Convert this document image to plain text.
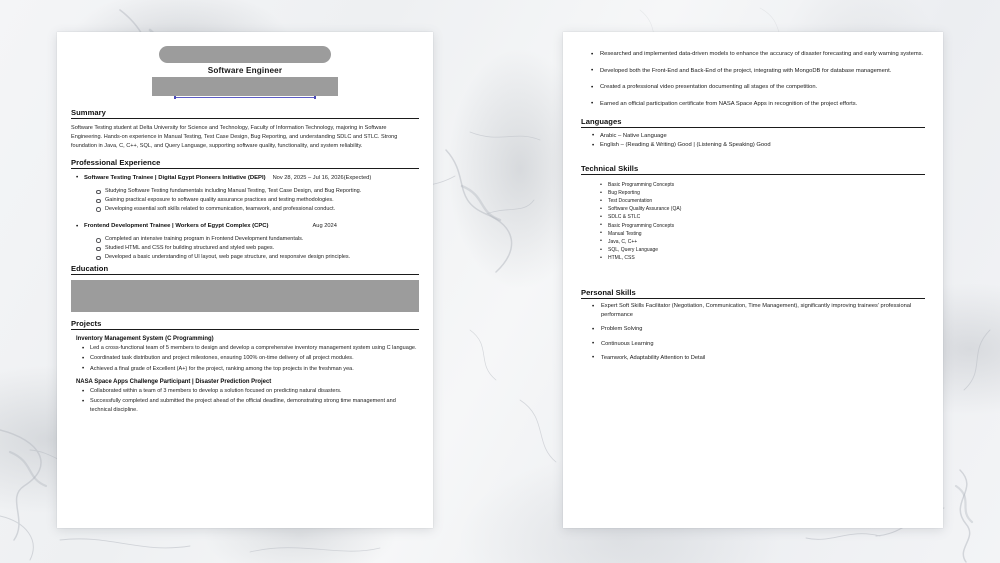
Software Engineer
Summary
Software Testing student at Delta University for Science and Technology, Faculty of Information Technology, majoring in Software Engineering. Hands-on experience in Manual Testing, Test Case Design, Bug Reporting, and understanding SDLC and STLC. Strong foundation in Java, C, C++, SQL, and Query Language, supporting software quality, functionality, and system reliability.
Professional Experience
• Software Testing Trainee | Digital Egypt Pioneers Initiative (DEPI) Nov 28, 2025 – Jul 16, 2026(Expected)
Studying Software Testing fundamentals including Manual Testing, Test Case Design, and Bug Reporting.
Gaining practical exposure to software quality assurance practices and testing methodologies.
Developing essential soft skills related to communication, teamwork, and professional conduct.
• Frontend Development Trainee | Workers of Egypt Complex (CPC)	Aug 2024
Completed an intensive training program in Frontend Development fundamentals.
Studied HTML and CSS for building structured and styled web pages.
Developed a basic understanding of UI layout, web page structure, and responsive design principles.
Education
Projects
Inventory Management System (C Programming)
• Led a cross-functional team of 5 members to design and develop a comprehensive inventory management system using C language.
• Coordinated task distribution and project milestones, ensuring 100% on-time delivery of all project modules.
• Achieved a final grade of Excellent (A+) for the project, ranking among the top projects in the freshman yea.
NASA Space Apps Challenge Participant | Disaster Prediction Project
• Collaborated within a team of 3 members to develop a solution focused on predicting natural disasters.
• Successfully completed and submitted the project ahead of the official deadline, demonstrating strong time management and technical discipline.
• Researched and implemented data-driven models to enhance the accuracy of disaster forecasting and early warning systems.
• Developed both the Front-End and Back-End of the project, integrating with MongoDB for database management.
• Created a professional video presentation documenting all stages of the competition.
• Earned an official participation certificate from NASA Space Apps in recognition of the project efforts.
Languages
• Arabic – Native Language
• English – (Reading & Writing) Good | (Listening & Speaking) Good
Technical Skills
• Basic Programming Concepts
• Bug Reporting
• Test Documentation
• Software Quality Assurance (QA)
• SDLC & STLC
• Basic Programming Concepts
• Manual Testing
• Java, C, C++
• SQL, Query Language
• HTML, CSS
Personal Skills
• Expert Soft Skills Facilitator (Negotiation, Communication, Time Management), significantly improving trainees’ professional performance
• Problem Solving
• Continuous Learning
• Teamwork, Adaptability Attention to Detail
